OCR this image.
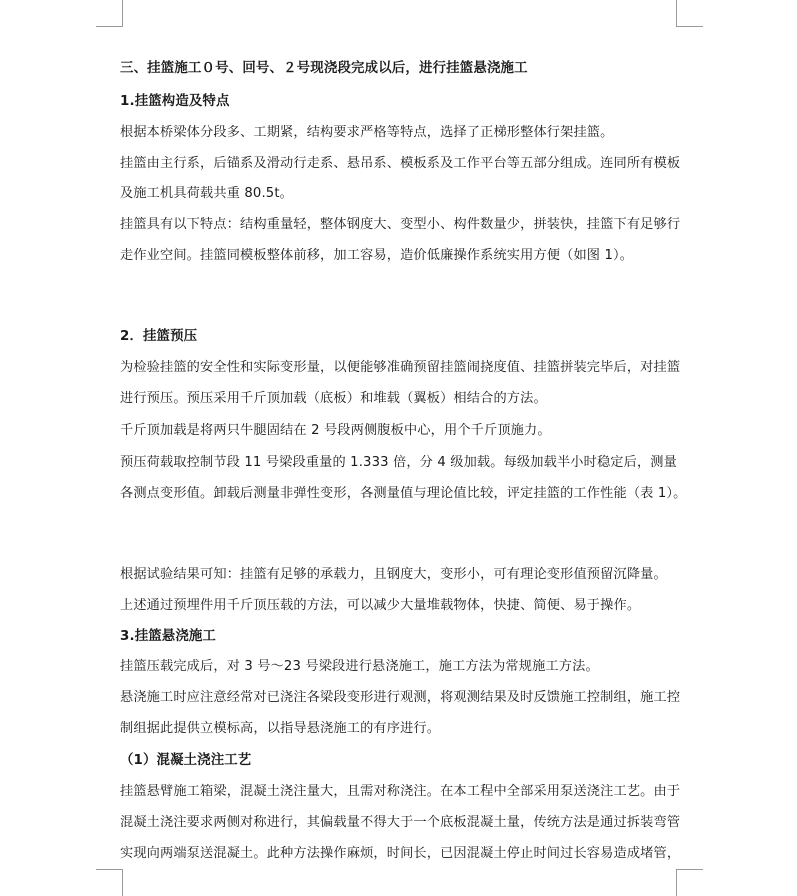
三、挂篮施工０号、回号、２号现浇段完成以后，进行挂篮悬浇施工
1.挂篮构造及特点
根据本桥梁体分段多、工期紧，结构要求严格等特点，选择了正梯形整体行架挂篮。
挂篮由主行系，后锚系及滑动行走系、悬吊系、模板系及工作平台等五部分组成。连同所有模板
及施工机具荷载共重 80.5t。
挂篮具有以下特点：结构重量轻，整体钢度大、变型小、构件数量少，拼装快，挂篮下有足够行
走作业空间。挂篮同模板整体前移，加工容易，造价低廉操作系统实用方便（如图 1）。
2．挂篮预压
为检验挂篮的安全性和实际变形量，以便能够准确预留挂篮闹挠度值、挂篮拼装完毕后，对挂篮
进行预压。预压采用千斤顶加载（底板）和堆载（翼板）相结合的方法。
千斤顶加载是将两只牛腿固结在 2 号段两侧腹板中心，用个千斤顶施力。
预压荷载取控制节段 11 号梁段重量的 1.333 倍，分 4 级加载。每级加载半小时稳定后，测量
各测点变形值。卸载后测量非弹性变形，各测量值与理论值比较，评定挂篮的工作性能（表 1）。
根据试验结果可知：挂篮有足够的承载力，且钢度大，变形小，可有理论变形值预留沉降量。
上述通过预埋件用千斤顶压载的方法，可以减少大量堆载物体，快捷、简便、易于操作。
3.挂篮悬浇施工
挂篮压载完成后，对 3 号～23 号梁段进行悬浇施工，施工方法为常规施工方法。
悬浇施工时应注意经常对已浇注各梁段变形进行观测，将观测结果及时反馈施工控制组，施工控
制组据此提供立模标高，以指导悬浇施工的有序进行。
（1）混凝土浇注工艺
挂篮悬臂施工箱梁，混凝土浇注量大，且需对称浇注。在本工程中全部采用泵送浇注工艺。由于
混凝土浇注要求两侧对称进行，其偏载量不得大于一个底板混凝土量，传统方法是通过拆装弯管
实现向两端泵送混凝土。此种方法操作麻烦，时间长，已因混凝土停止时间过长容易造成堵管，
